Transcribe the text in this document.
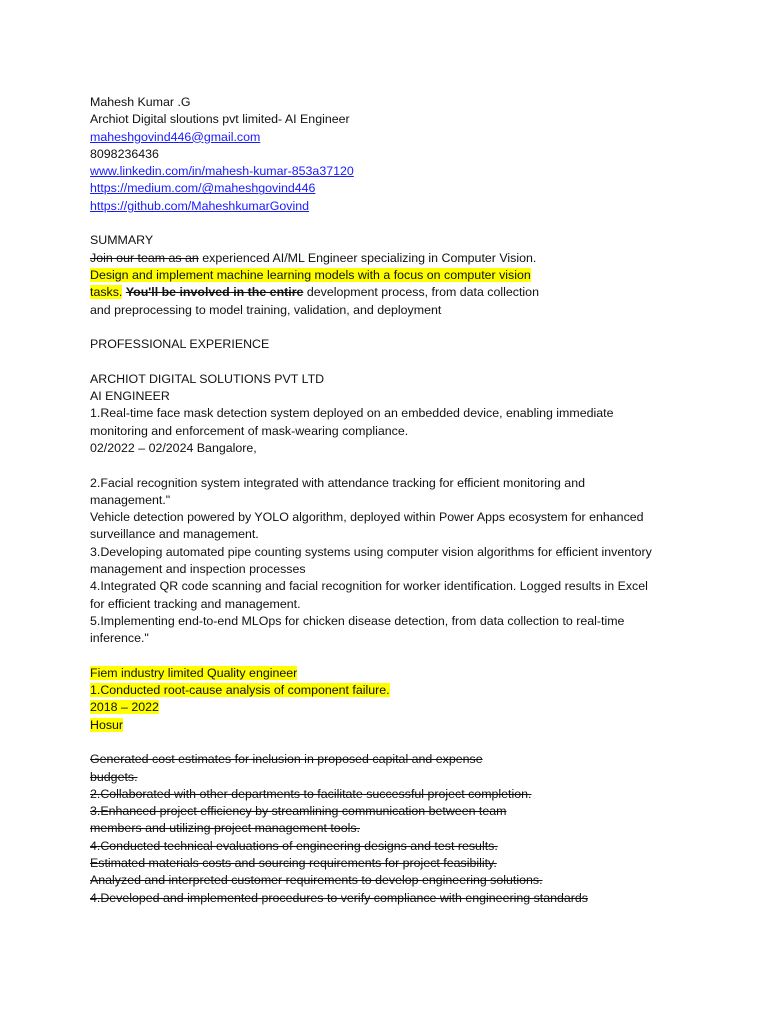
Mahesh Kumar .G
Archiot Digital sloutions pvt limited- AI Engineer
maheshgovind446@gmail.com
8098236436
www.linkedin.com/in/mahesh-kumar-853a37120
https://medium.com/@maheshgovind446
https://github.com/MaheshkumarGovind
SUMMARY
Join our team as an experienced AI/ML Engineer specializing in Computer Vision.
Design and implement machine learning models with a focus on computer vision
tasks. You'll be involved in the entire development process, from data collection
and preprocessing to model training, validation, and deployment
PROFESSIONAL EXPERIENCE
ARCHIOT DIGITAL SOLUTIONS PVT LTD
AI ENGINEER
1.Real-time face mask detection system deployed on an embedded device, enabling immediate
monitoring and enforcement of mask-wearing compliance.
02/2022 – 02/2024 Bangalore,
2.Facial recognition system integrated with attendance tracking for efficient monitoring and
management."
Vehicle detection powered by YOLO algorithm, deployed within Power Apps ecosystem for enhanced
surveillance and management.
3.Developing automated pipe counting systems using computer vision algorithms for efficient inventory
management and inspection processes
4.Integrated QR code scanning and facial recognition for worker identification. Logged results in Excel
for efficient tracking and management.
5.Implementing end-to-end MLOps for chicken disease detection, from data collection to real-time
inference."
Fiem industry limited Quality engineer
1.Conducted root-cause analysis of component failure.
2018 – 2022
Hosur
Generated cost estimates for inclusion in proposed capital and expense
budgets.
2.Collaborated with other departments to facilitate successful project completion.
3.Enhanced project efficiency by streamlining communication between team
members and utilizing project management tools.
4.Conducted technical evaluations of engineering designs and test results.
Estimated materials costs and sourcing requirements for project feasibility.
Analyzed and interpreted customer requirements to develop engineering solutions.
4.Developed and implemented procedures to verify compliance with engineering standards
